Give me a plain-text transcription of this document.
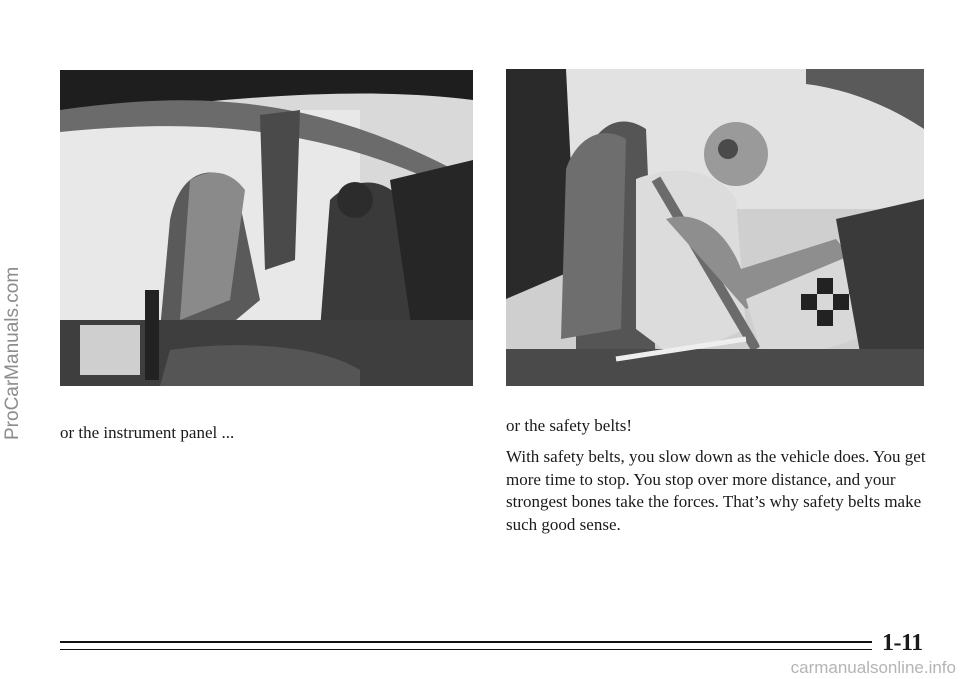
or the instrument panel ...	or the safety belts!

With safety belts, you slow down as the vehicle does. You get more time to stop. You stop over more distance, and your strongest bones take the forces. That’s why safety belts make such good sense.

1-11
ProCarManuals.com
carmanualsonline.info
